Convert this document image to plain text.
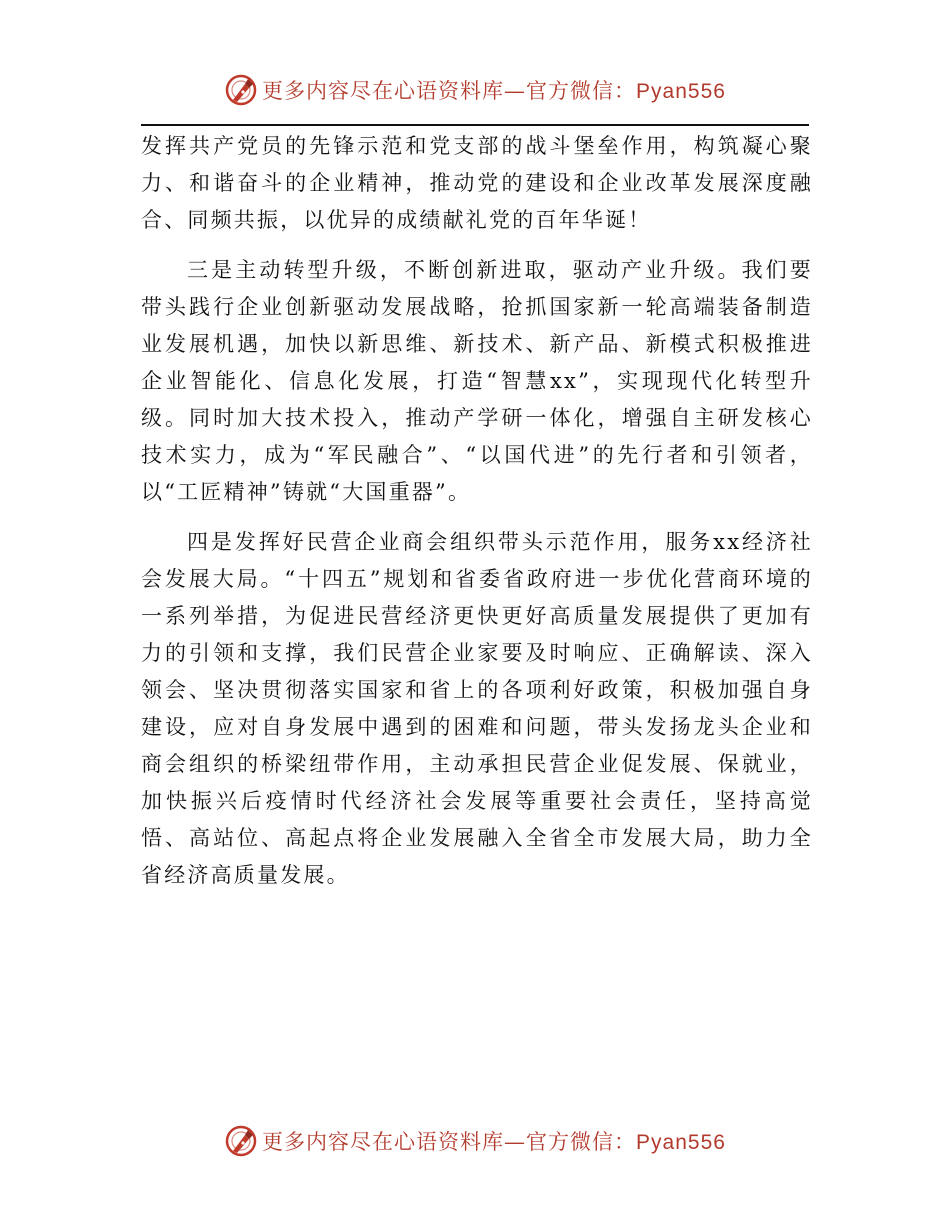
更多内容尽在心语资料库—官方微信：Pyan556

发挥共产党员的先锋示范和党支部的战斗堡垒作用，构筑凝心聚力、和谐奋斗的企业精神，推动党的建设和企业改革发展深度融合、同频共振，以优异的成绩献礼党的百年华诞！

三是主动转型升级，不断创新进取，驱动产业升级。我们要带头践行企业创新驱动发展战略，抢抓国家新一轮高端装备制造业发展机遇，加快以新思维、新技术、新产品、新模式积极推进企业智能化、信息化发展，打造“智慧xx”，实现现代化转型升级。同时加大技术投入，推动产学研一体化，增强自主研发核心技术实力，成为“军民融合”、“以国代进”的先行者和引领者，以“工匠精神”铸就“大国重器”。

四是发挥好民营企业商会组织带头示范作用，服务xx经济社会发展大局。“十四五”规划和省委省政府进一步优化营商环境的一系列举措，为促进民营经济更快更好高质量发展提供了更加有力的引领和支撑，我们民营企业家要及时响应、正确解读、深入领会、坚决贯彻落实国家和省上的各项利好政策，积极加强自身建设，应对自身发展中遇到的困难和问题，带头发扬龙头企业和商会组织的桥梁纽带作用，主动承担民营企业促发展、保就业，加快振兴后疫情时代经济社会发展等重要社会责任，坚持高觉悟、高站位、高起点将企业发展融入全省全市发展大局，助力全省经济高质量发展。

更多内容尽在心语资料库—官方微信：Pyan556
